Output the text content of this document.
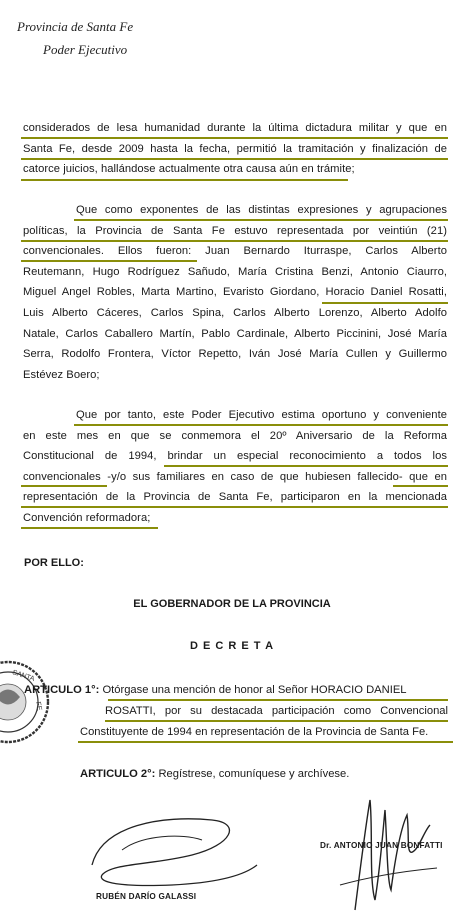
Provincia de Santa Fe
Poder Ejecutivo
considerados de lesa humanidad durante la última dictadura militar y que en
Santa Fe, desde 2009 hasta la fecha, permitió la tramitación y finalización de
catorce juicios, hallándose actualmente otra causa aún en trámite;
Que como exponentes de las distintas expresiones y agrupaciones
políticas, la Provincia de Santa Fe estuvo representada por veintiún (21)
convencionales. Ellos fueron: Juan Bernardo Iturraspe, Carlos Alberto
Reutemann, Hugo Rodríguez Sañudo, María Cristina Benzi, Antonio Ciaurro,
Miguel Angel Robles, Marta Martino, Evaristo Giordano, Horacio Daniel Rosatti,
Luis Alberto Cáceres, Carlos Spina, Carlos Alberto Lorenzo, Alberto Adolfo
Natale, Carlos Caballero Martín, Pablo Cardinale, Alberto Piccinini, José María
Serra, Rodolfo Frontera, Víctor Repetto, Iván José María Cullen y Guillermo
Estévez Boero;
Que por tanto, este Poder Ejecutivo estima oportuno y conveniente
en este mes en que se conmemora el 20º Aniversario de la Reforma
Constitucional de 1994, brindar un especial reconocimiento a todos los
convencionales -y/o sus familiares en caso de que hubiesen fallecido- que en
representación de la Provincia de Santa Fe, participaron en la mencionada
Convención reformadora;
POR ELLO:
EL GOBERNADOR DE LA PROVINCIA
D E C R E T A
SANTA
FE
ARTICULO 1°: Otórgase una mención de honor al Señor HORACIO DANIEL
ROSATTI, por su destacada participación como Convencional
Constituyente de 1994 en representación de la Provincia de Santa Fe.
ARTICULO 2°: Regístrese, comuníquese y archívese.
RUBÉN DARÍO GALASSI
Dr. ANTONIO JUAN BONFATTI
